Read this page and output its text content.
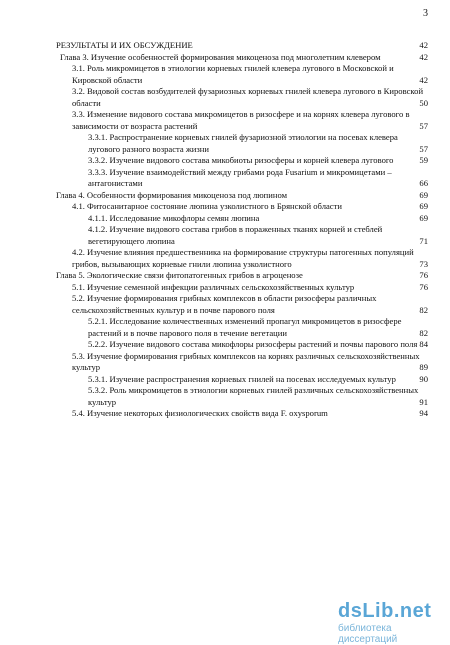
3
РЕЗУЛЬТАТЫ И ИХ ОБСУЖДЕНИЕ	42
Глава 3. Изучение особенностей формирования микоценоза под многолетним клевером	42
3.1. Роль микромицетов в этиологии корневых гнилей клевера лугового в Московской и Кировской области	42
3.2. Видовой состав возбудителей фузариозных корневых гнилей клевера лугового в Кировской области	50
3.3. Изменение видового состава микромицетов в ризосфере и на корнях клевера лугового в зависимости от возраста растений	57
3.3.1. Распространение корневых гнилей фузариозной этиологии на посевах клевера лугового разного возраста жизни	57
3.3.2. Изучение видового состава микобиоты ризосферы и корней клевера лугового	59
3.3.3. Изучение взаимодействий между грибами рода Fusarium и микромицетами – антагонистами	66
Глава 4. Особенности формирования микоценоза под люпином	69
4.1. Фитосанитарное состояние люпина узколистного в Брянской области	69
4.1.1. Исследование микофлоры семян люпина	69
4.1.2. Изучение видового состава грибов в пораженных тканях корней и стеблей вегетирующего люпина	71
4.2. Изучение влияния предшественника на формирование структуры патогенных популяций грибов, вызывающих корневые гнили люпина узколистного	73
Глава 5. Экологические связи фитопатогенных грибов в агроценозе	76
5.1. Изучение семенной инфекции различных сельскохозяйственных культур	76
5.2. Изучение формирования грибных комплексов в области ризосферы различных сельскохозяйственных культур и в почве парового поля	82
5.2.1. Исследование количественных изменений пропагул микромицетов в ризосфере растений и в почве парового поля в течение вегетации	82
5.2.2. Изучение видового состава микофлоры ризосферы растений и почвы парового поля 84
5.3. Изучение формирования грибных комплексов на корнях различных сельскохозяйственных культур	89
5.3.1. Изучение распространения корневых гнилей на посевах исследуемых культур	90
5.3.2. Роль микромицетов в этиологии корневых гнилей различных сельскохозяйственных культур	91
5.4. Изучение некоторых физиологических свойств вида F. oxysporum	94
dsLib.net
библиотека диссертаций
